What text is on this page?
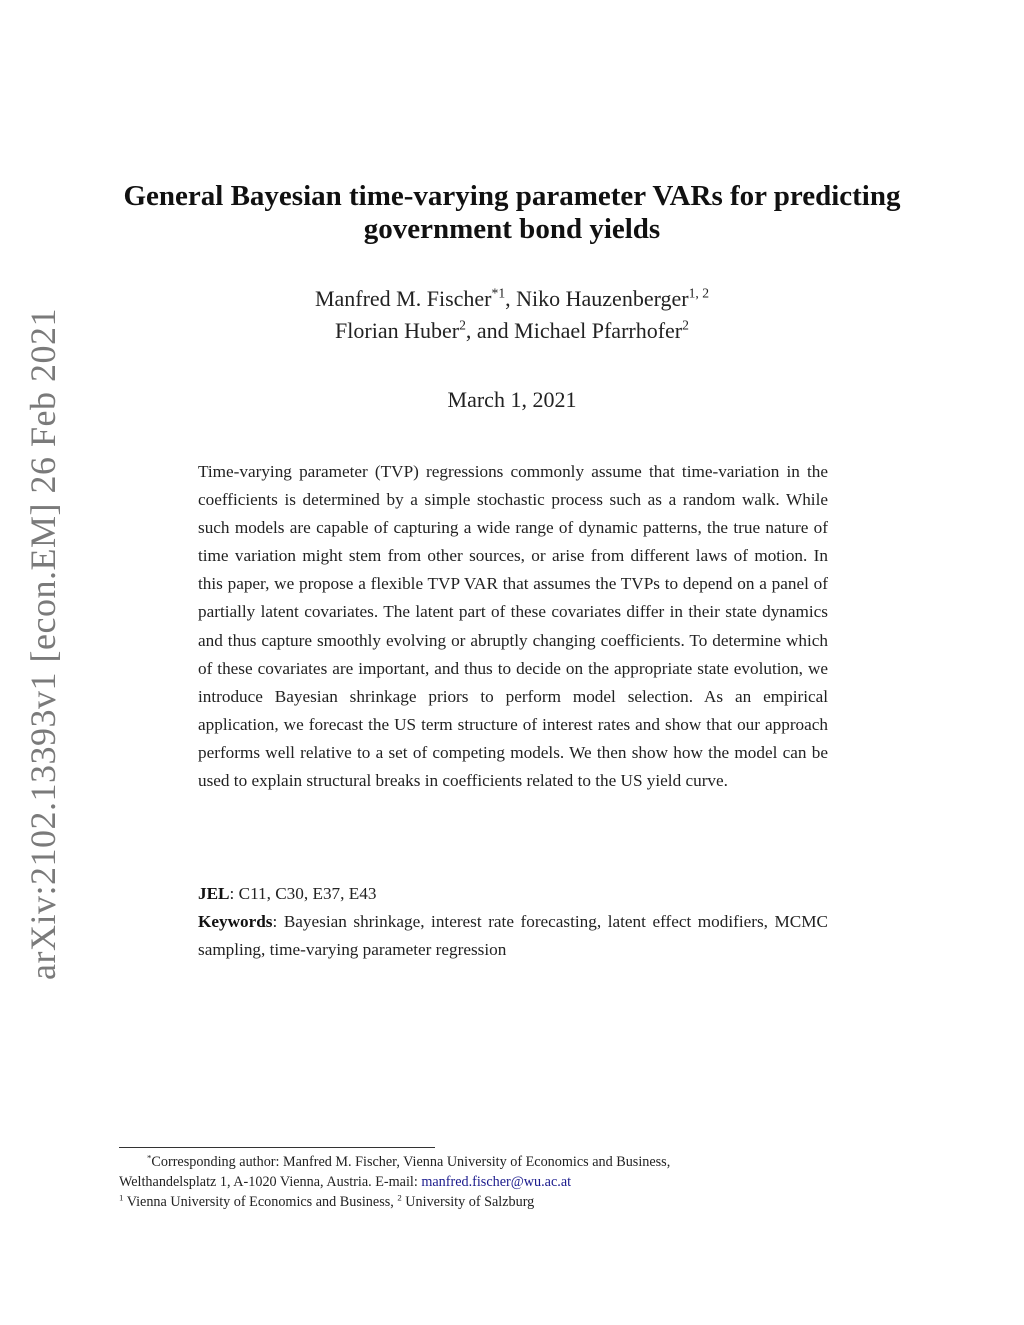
arXiv:2102.13393v1 [econ.EM] 26 Feb 2021
General Bayesian time-varying parameter VARs for predicting government bond yields
Manfred M. Fischer$^{*1}$, Niko Hauzenberger$^{1, 2}$
Florian Huber$^2$, and Michael Pfarrhofer$^2$
March 1, 2021

Time-varying parameter (TVP) regressions commonly assume that time-variation in the coefficients is determined by a simple stochastic process such as a random walk. While such models are capable of capturing a wide range of dynamic patterns, the true nature of time variation might stem from other sources, or arise from different laws of motion. In this paper, we propose a flexible TVP VAR that assumes the TVPs to depend on a panel of partially latent covariates. The latent part of these covariates differ in their state dynamics and thus capture smoothly evolving or abruptly changing coefficients. To determine which of these covariates are important, and thus to decide on the appropriate state evolution, we introduce Bayesian shrinkage priors to perform model selection. As an empirical application, we forecast the US term structure of interest rates and show that our approach performs well relative to a set of competing models. We then show how the model can be used to explain structural breaks in coefficients related to the US yield curve.

JEL: C11, C30, E37, E43

Keywords: Bayesian shrinkage, interest rate forecasting, latent effect modifiers, MCMC sampling, time-varying parameter regression

*Corresponding author: Manfred M. Fischer, Vienna University of Economics and Business,
Welthandelsplatz 1, A-1020 Vienna, Austria. E-mail: manfred.fischer@wu.ac.at
$^1$ Vienna University of Economics and Business, $^2$ University of Salzburg
